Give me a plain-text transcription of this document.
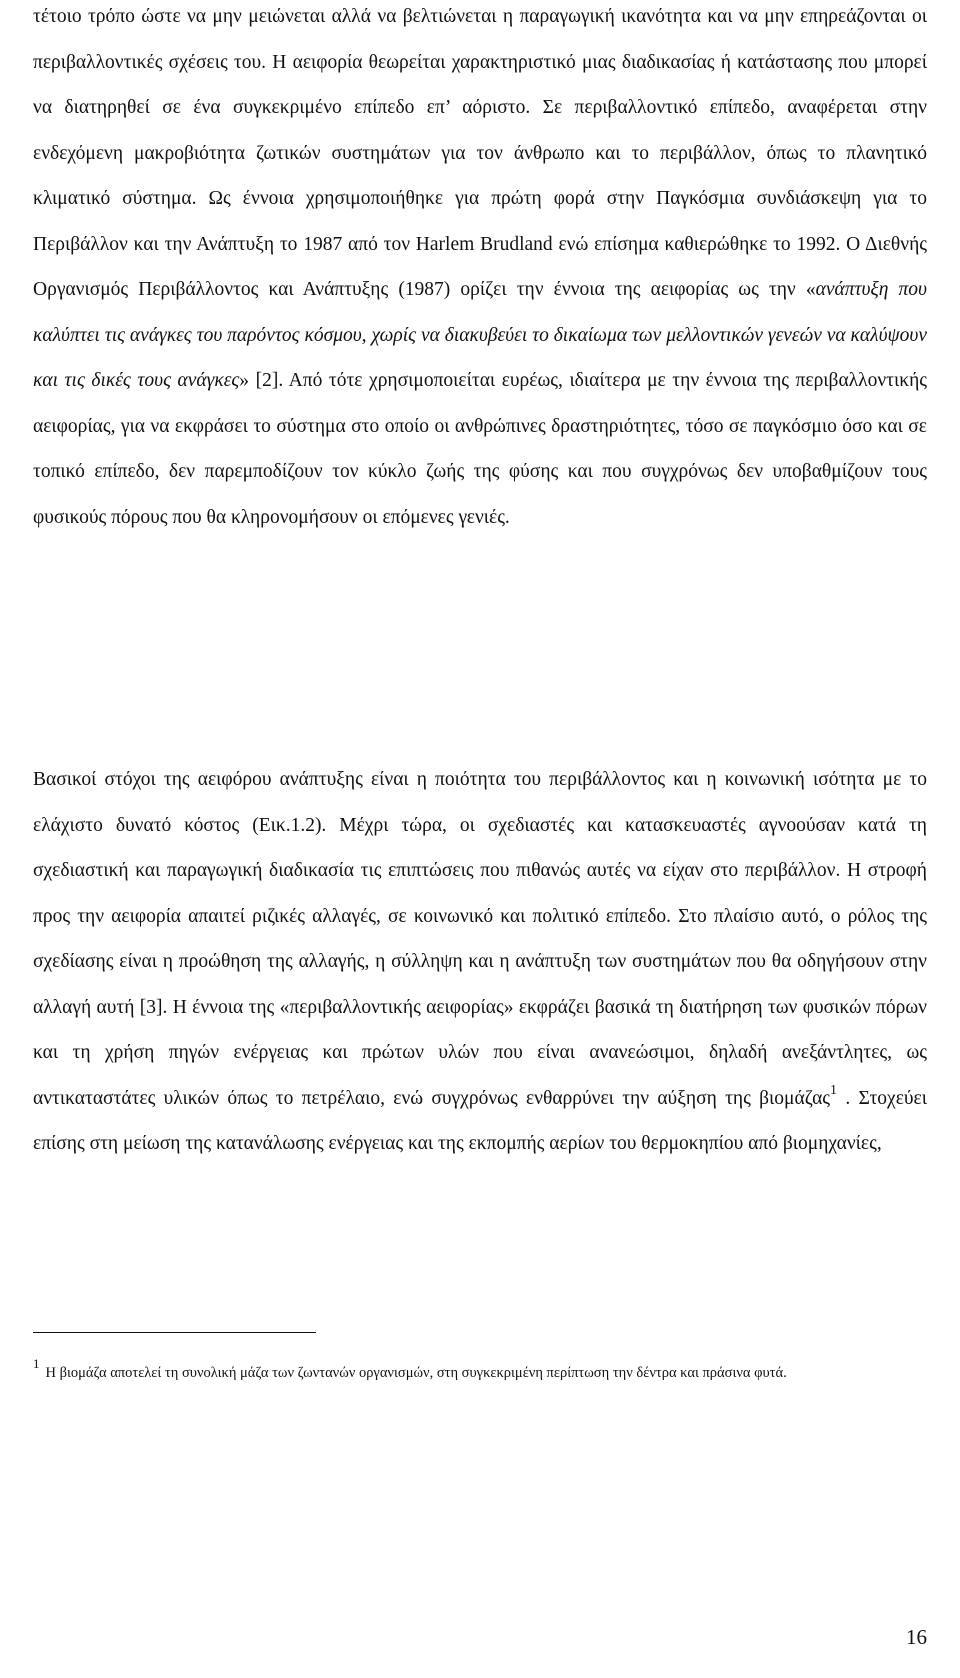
τέτοιο τρόπο ώστε να μην μειώνεται αλλά να βελτιώνεται η παραγωγική ικανότητα και να μην επηρεάζονται οι περιβαλλοντικές σχέσεις του. Η αειφορία θεωρείται χαρακτηριστικό μιας διαδικασίας ή κατάστασης που μπορεί να διατηρηθεί σε ένα συγκεκριμένο επίπεδο επ’ αόριστο. Σε περιβαλλοντικό επίπεδο, αναφέρεται στην ενδεχόμενη μακροβιότητα ζωτικών συστημάτων για τον άνθρωπο και το περιβάλλον, όπως το πλανητικό κλιματικό σύστημα. Ως έννοια χρησιμοποιήθηκε για πρώτη φορά στην Παγκόσμια συνδιάσκεψη για το Περιβάλλον και την Ανάπτυξη το 1987 από τον Harlem Brudland ενώ επίσημα καθιερώθηκε το 1992. Ο Διεθνής Οργανισμός Περιβάλλοντος και Ανάπτυξης (1987) ορίζει την έννοια της αειφορίας ως την «ανάπτυξη που καλύπτει τις ανάγκες του παρόντος κόσμου, χωρίς να διακυβεύει το δικαίωμα των μελλοντικών γενεών να καλύψουν και τις δικές τους ανάγκες» [2]. Από τότε χρησιμοποιείται ευρέως, ιδιαίτερα με την έννοια της περιβαλλοντικής αειφορίας, για να εκφράσει το σύστημα στο οποίο οι ανθρώπινες δραστηριότητες, τόσο σε παγκόσμιο όσο και σε τοπικό επίπεδο, δεν παρεμποδίζουν τον κύκλο ζωής της φύσης και που συγχρόνως δεν υποβαθμίζουν τους φυσικούς πόρους που θα κληρονομήσουν οι επόμενες γενιές.

Βασικοί στόχοι της αειφόρου ανάπτυξης είναι η ποιότητα του περιβάλλοντος και η κοινωνική ισότητα με το ελάχιστο δυνατό κόστος (Εικ.1.2). Μέχρι τώρα, οι σχεδιαστές και κατασκευαστές αγνοούσαν κατά τη σχεδιαστική και παραγωγική διαδικασία τις επιπτώσεις που πιθανώς αυτές να είχαν στο περιβάλλον. Η στροφή προς την αειφορία απαιτεί ριζικές αλλαγές, σε κοινωνικό και πολιτικό επίπεδο. Στο πλαίσιο αυτό, ο ρόλος της σχεδίασης είναι η προώθηση της αλλαγής, η σύλληψη και η ανάπτυξη των συστημάτων που θα οδηγήσουν στην αλλαγή αυτή [3]. Η έννοια της «περιβαλλοντικής αειφορίας» εκφράζει βασικά τη διατήρηση των φυσικών πόρων και τη χρήση πηγών ενέργειας και πρώτων υλών που είναι ανανεώσιμοι, δηλαδή ανεξάντλητες, ως αντικαταστάτες υλικών όπως το πετρέλαιο, ενώ συγχρόνως ενθαρρύνει την αύξηση της βιομάζας$^1$ . Στοχεύει επίσης στη μείωση της κατανάλωσης ενέργειας και της εκπομπής αερίων του θερμοκηπίου από βιομηχανίες,

1Η βιομάζα αποτελεί τη συνολική μάζα των ζωντανών οργανισμών, στη συγκεκριμένη περίπτωση την δέντρα και πράσινα φυτά.

16
